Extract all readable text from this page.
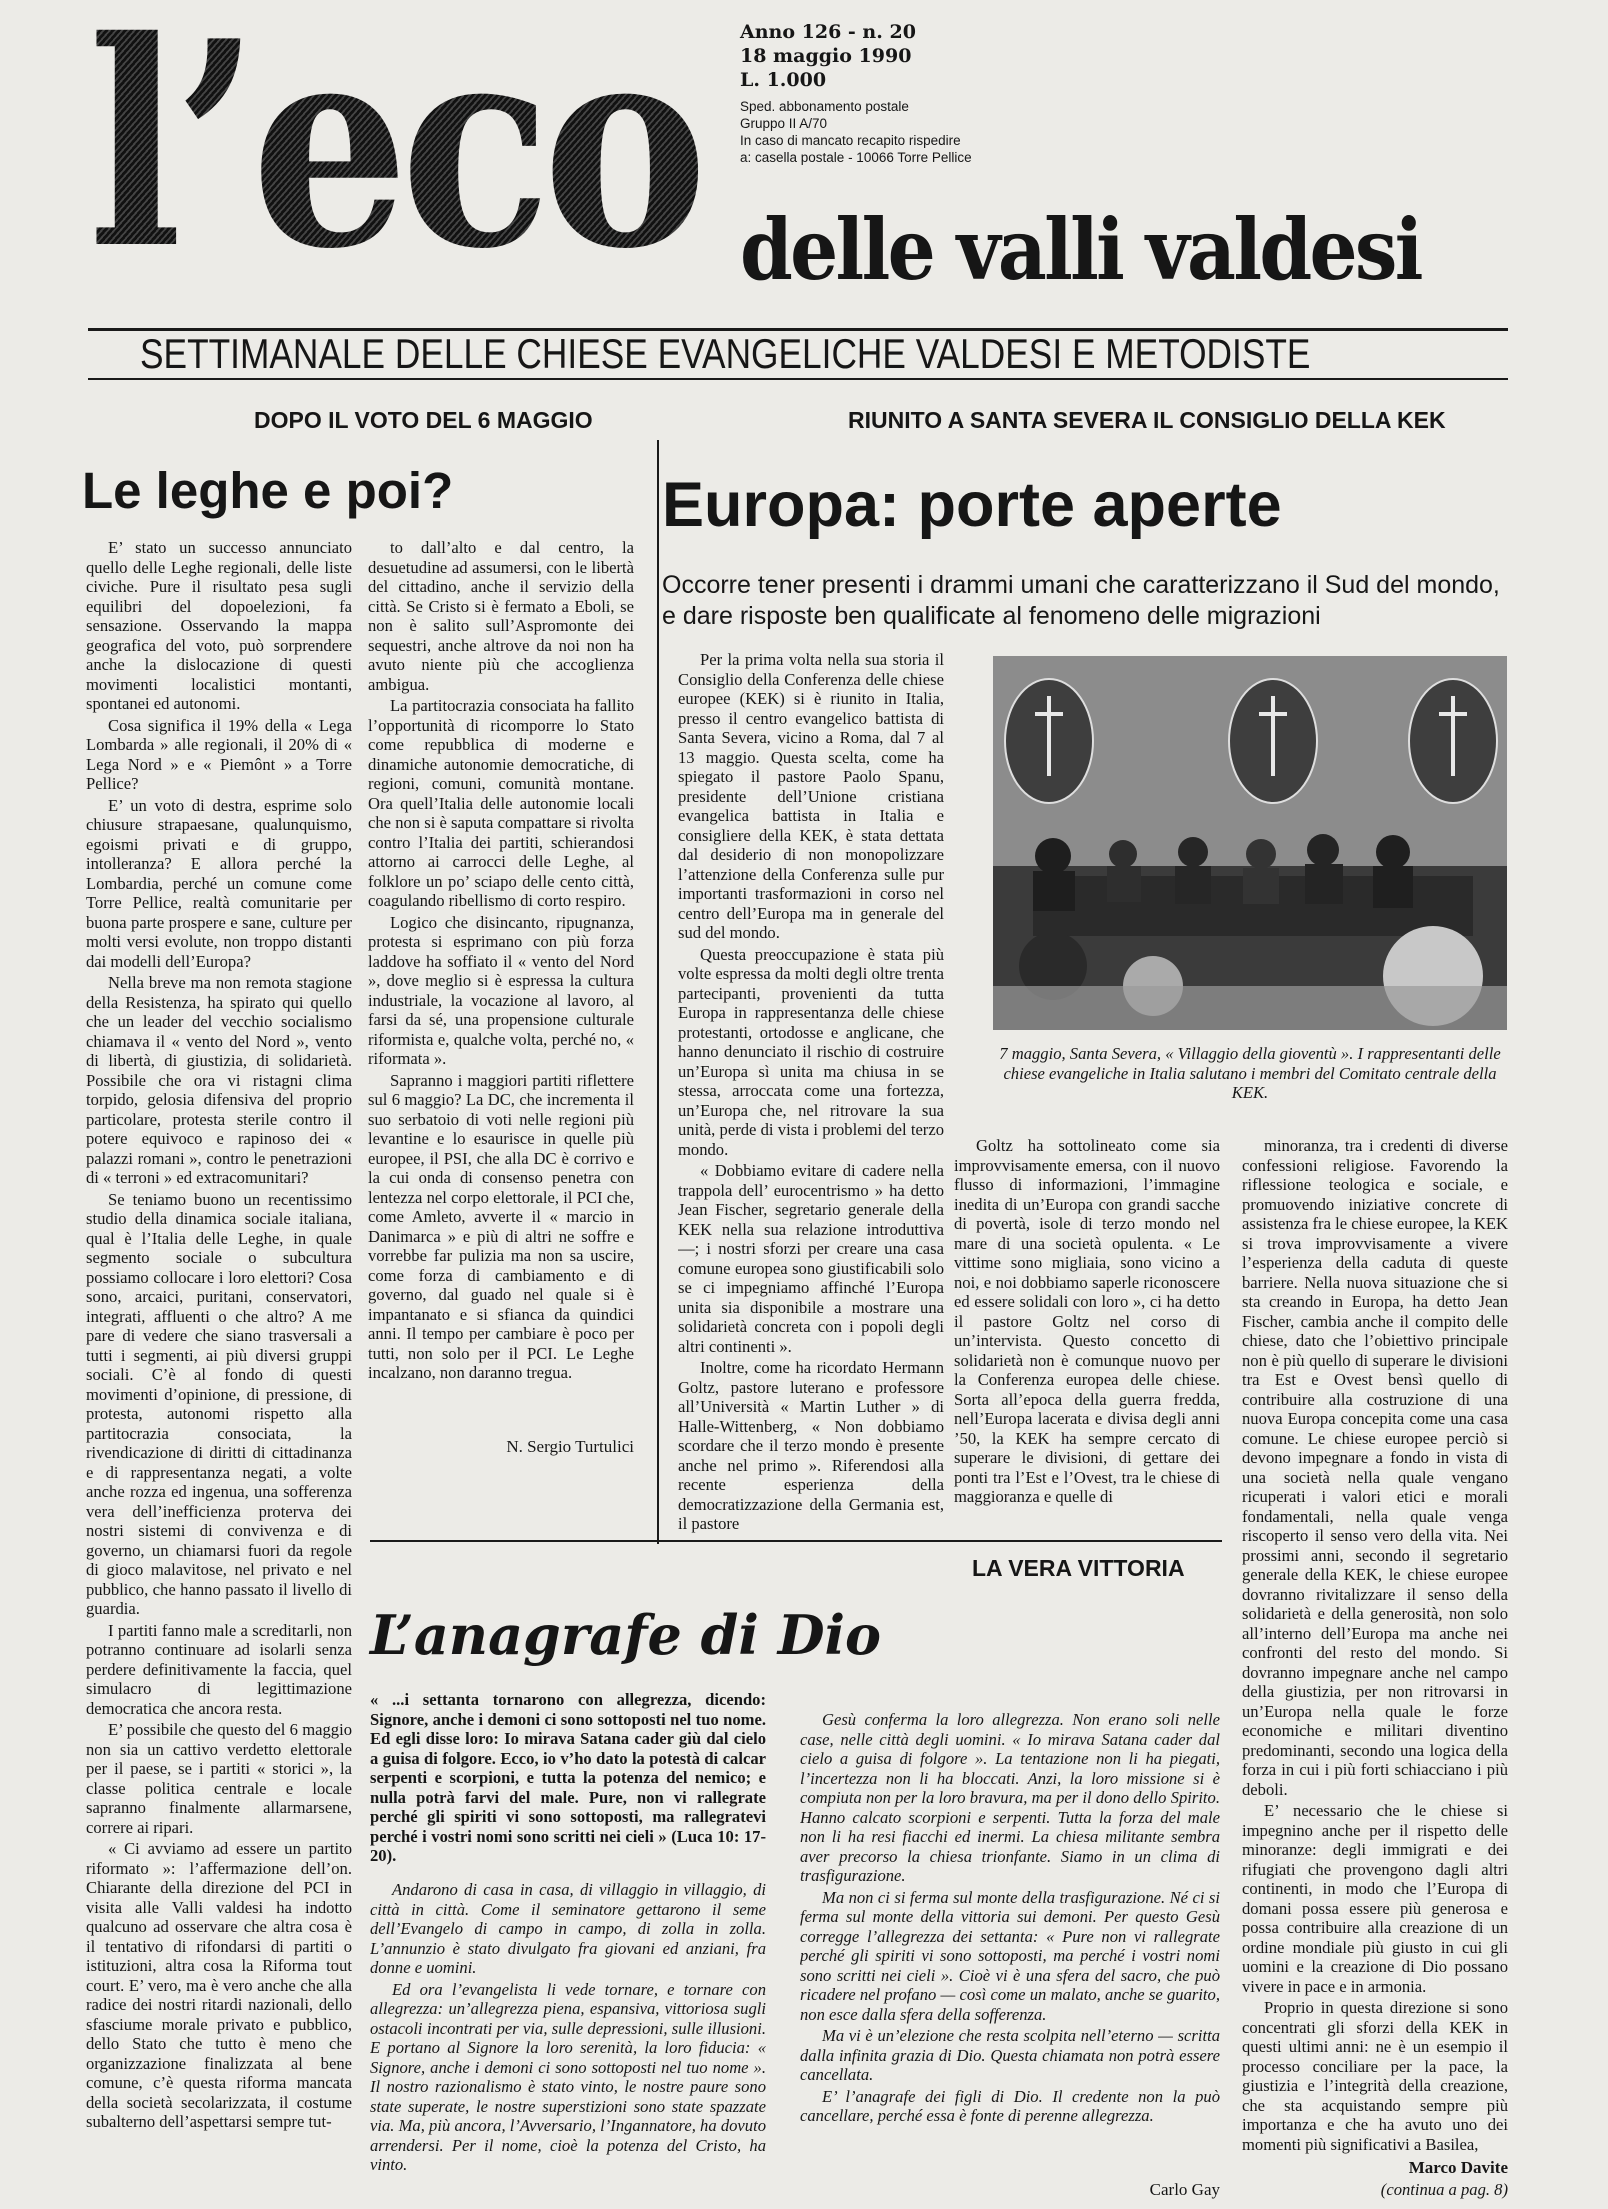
l’eco Anno 126 - n. 20
18 maggio 1990
L. 1.000
Sped. abbonamento postale
Gruppo II A/70
In caso di mancato recapito rispedire
a: casella postale - 10066 Torre Pellice
delle valli valdesi
SETTIMANALE DELLE CHIESE EVANGELICHE VALDESI E METODISTE
DOPO IL VOTO DEL 6 MAGGIO
Le leghe e poi?

E’ stato un successo annunciato quello delle Leghe regionali, delle liste civiche. Pure il risultato pesa sugli equilibri del dopoelezioni, fa sensazione. Osservando la mappa geografica del voto, può sorprendere anche la dislocazione di questi movimenti localistici montanti, spontanei ed autonomi.

Cosa significa il 19% della « Lega Lombarda » alle regionali, il 20% di « Lega Nord » e « Piemônt » a Torre Pellice?

E’ un voto di destra, esprime solo chiusure strapaesane, qualunquismo, egoismi privati e di gruppo, intolleranza? E allora perché la Lombardia, perché un comune come Torre Pellice, realtà comunitarie per buona parte prospere e sane, culture per molti versi evolute, non troppo distanti dai modelli dell’Europa?

Nella breve ma non remota stagione della Resistenza, ha spirato qui quello che un leader del vecchio socialismo chiamava il « vento del Nord », vento di libertà, di giustizia, di solidarietà. Possibile che ora vi ristagni clima torpido, gelosia difensiva del proprio particolare, protesta sterile contro il potere equivoco e rapinoso dei « palazzi romani », contro le penetrazioni di « terroni » ed extracomunitari?

Se teniamo buono un recentissimo studio della dinamica sociale italiana, qual è l’Italia delle Leghe, in quale segmento sociale o subcultura possiamo collocare i loro elettori? Cosa sono, arcaici, puritani, conservatori, integrati, affluenti o che altro? A me pare di vedere che siano trasversali a tutti i segmenti, ai più diversi gruppi sociali. C’è al fondo di questi movimenti d’opinione, di pressione, di protesta, autonomi rispetto alla partitocrazia consociata, la rivendicazione di diritti di cittadinanza e di rappresentanza negati, a volte anche rozza ed ingenua, una sofferenza vera dell’inefficienza proterva dei nostri sistemi di convivenza e di governo, un chiamarsi fuori da regole di gioco malavitose, nel privato e nel pubblico, che hanno passato il livello di guardia.

I partiti fanno male a screditarli, non potranno continuare ad isolarli senza perdere definitivamente la faccia, quel simulacro di legittimazione democratica che ancora resta.

E’ possibile che questo del 6 maggio non sia un cattivo verdetto elettorale per il paese, se i partiti « storici », la classe politica centrale e locale sapranno finalmente allarmarsene, correre ai ripari.

« Ci avviamo ad essere un partito riformato »: l’affermazione dell’on. Chiarante della direzione del PCI in visita alle Valli valdesi ha indotto qualcuno ad osservare che altra cosa è il tentativo di rifondarsi di partiti o istituzioni, altra cosa la Riforma tout court. E’ vero, ma è vero anche che alla radice dei nostri ritardi nazionali, dello sfasciume morale privato e pubblico, dello Stato che tutto è meno che organizzazione finalizzata al bene comune, c’è questa riforma mancata della società secolarizzata, il costume subalterno dell’aspettarsi sempre tut-

to dall’alto e dal centro, la desuetudine ad assumersi, con le libertà del cittadino, anche il servizio della città. Se Cristo si è fermato a Eboli, se non è salito sull’Aspromonte dei sequestri, anche altrove da noi non ha avuto niente più che accoglienza ambigua.

La partitocrazia consociata ha fallito l’opportunità di ricomporre lo Stato come repubblica di moderne e dinamiche autonomie democratiche, di regioni, comuni, comunità montane. Ora quell’Italia delle autonomie locali che non si è saputa compattare si rivolta contro l’Italia dei partiti, schierandosi attorno ai carrocci delle Leghe, al folklore un po’ sciapo delle cento città, coagulando ribellismo di corto respiro.

Logico che disincanto, ripugnanza, protesta si esprimano con più forza laddove ha soffiato il « vento del Nord », dove meglio si è espressa la cultura industriale, la vocazione al lavoro, al farsi da sé, una propensione culturale riformista e, qualche volta, perché no, « riformata ».

Sapranno i maggiori partiti riflettere sul 6 maggio? La DC, che incrementa il suo serbatoio di voti nelle regioni più levantine e lo esaurisce in quelle più europee, il PSI, che alla DC è corrivo e la cui onda di consenso penetra con lentezza nel corpo elettorale, il PCI che, come Amleto, avverte il « marcio in Danimarca » e più di altri ne soffre e vorrebbe far pulizia ma non sa uscire, come forza di cambiamento e di governo, dal guado nel quale si è impantanato e si sfianca da quindici anni. Il tempo per cambiare è poco per tutti, non solo per il PCI. Le Leghe incalzano, non daranno tregua.

N. Sergio Turtulici
RIUNITO A SANTA SEVERA IL CONSIGLIO DELLA KEK
Europa: porte aperte
Occorre tener presenti i drammi umani che caratterizzano il Sud del mondo, e dare risposte ben qualificate al fenomeno delle migrazioni

Per la prima volta nella sua storia il Consiglio della Conferenza delle chiese europee (KEK) si è riunito in Italia, presso il centro evangelico battista di Santa Severa, vicino a Roma, dal 7 al 13 maggio. Questa scelta, come ha spiegato il pastore Paolo Spanu, presidente dell’Unione cristiana evangelica battista in Italia e consigliere della KEK, è stata dettata dal desiderio di non monopolizzare l’attenzione della Conferenza sulle pur importanti trasformazioni in corso nel centro dell’Europa ma in generale del sud del mondo.

Questa preoccupazione è stata più volte espressa da molti degli oltre trenta partecipanti, provenienti da tutta Europa in rappresentanza delle chiese protestanti, ortodosse e anglicane, che hanno denunciato il rischio di costruire un’Europa sì unita ma chiusa in se stessa, arroccata come una fortezza, un’Europa che, nel ritrovare la sua unità, perde di vista i problemi del terzo mondo.

« Dobbiamo evitare di cadere nella trappola dell’ eurocentrismo » ha detto Jean Fischer, segretario generale della KEK nella sua relazione introduttiva —; i nostri sforzi per creare una casa comune europea sono giustificabili solo se ci impegniamo affinché l’Europa unita sia disponibile a mostrare una solidarietà concreta con i popoli degli altri continenti ».

Inoltre, come ha ricordato Hermann Goltz, pastore luterano e professore all’Università « Martin Luther » di Halle-Wittenberg, « Non dobbiamo scordare che il terzo mondo è presente anche nel primo ». Riferendosi alla recente esperienza della democratizzazione della Germania est, il pastore

7 maggio, Santa Severa, « Villaggio della gioventù ». I rappresentanti delle chiese evangeliche in Italia salutano i membri del Comitato centrale della KEK.

Goltz ha sottolineato come sia improvvisamente emersa, con il nuovo flusso di informazioni, l’immagine inedita di un’Europa con grandi sacche di povertà, isole di terzo mondo nel mare di una società opulenta. « Le vittime sono migliaia, sono vicino a noi, e noi dobbiamo saperle riconoscere ed essere solidali con loro », ci ha detto il pastore Goltz nel corso di un’intervista. Questo concetto di solidarietà non è comunque nuovo per la Conferenza europea delle chiese. Sorta all’epoca della guerra fredda, nell’Europa lacerata e divisa degli anni ’50, la KEK ha sempre cercato di superare le divisioni, di gettare dei ponti tra l’Est e l’Ovest, tra le chiese di maggioranza e quelle di

minoranza, tra i credenti di diverse confessioni religiose. Favorendo la riflessione teologica e sociale, e promuovendo iniziative concrete di assistenza fra le chiese europee, la KEK si trova improvvisamente a vivere l’esperienza della caduta di queste barriere. Nella nuova situazione che si sta creando in Europa, ha detto Jean Fischer, cambia anche il compito delle chiese, dato che l’obiettivo principale non è più quello di superare le divisioni tra Est e Ovest bensì quello di contribuire alla costruzione di una nuova Europa concepita come una casa comune. Le chiese europee perciò si devono impegnare a fondo in vista di una società nella quale vengano ricuperati i valori etici e morali fondamentali, nella quale venga riscoperto il senso vero della vita. Nei prossimi anni, secondo il segretario generale della KEK, le chiese europee dovranno rivitalizzare il senso della solidarietà e della generosità, non solo all’interno dell’Europa ma anche nei confronti del resto del mondo. Si dovranno impegnare anche nel campo della giustizia, per non ritrovarsi in un’Europa nella quale le forze economiche e militari diventino predominanti, secondo una logica della forza in cui i più forti schiacciano i più deboli.

E’ necessario che le chiese si impegnino anche per il rispetto delle minoranze: degli immigrati e dei rifugiati che provengono dagli altri continenti, in modo che l’Europa di domani possa essere più generosa e possa contribuire alla creazione di un ordine mondiale più giusto in cui gli uomini e la creazione di Dio possano vivere in pace e in armonia.

Proprio in questa direzione si sono concentrati gli sforzi della KEK in questi ultimi anni: ne è un esempio il processo conciliare per la pace, la giustizia e l’integrità della creazione, che sta acquistando sempre più importanza e che ha avuto uno dei momenti più significativi a Basilea,

Marco Davite
(continua a pag. 8)
LA VERA VITTORIA
L’anagrafe di Dio
« ...i settanta tornarono con allegrezza, dicendo: Signore, anche i demoni ci sono sottoposti nel tuo nome. Ed egli disse loro: Io mirava Satana cader giù dal cielo a guisa di folgore. Ecco, io v’ho dato la potestà di calcar serpenti e scorpioni, e tutta la potenza del nemico; e nulla potrà farvi del male. Pure, non vi rallegrate perché gli spiriti vi sono sottoposti, ma rallegratevi perché i vostri nomi sono scritti nei cieli » (Luca 10: 17-20).

Andarono di casa in casa, di villaggio in villaggio, di città in città. Come il seminatore gettarono il seme dell’Evangelo di campo in campo, di zolla in zolla. L’annunzio è stato divulgato fra giovani ed anziani, fra donne e uomini.

Ed ora l’evangelista li vede tornare, e tornare con allegrezza: un’allegrezza piena, espansiva, vittoriosa sugli ostacoli incontrati per via, sulle depressioni, sulle illusioni. E portano al Signore la loro serenità, la loro fiducia: « Signore, anche i demoni ci sono sottoposti nel tuo nome ». Il nostro razionalismo è stato vinto, le nostre paure sono state superate, le nostre superstizioni sono state spazzate via. Ma, più ancora, l’Avversario, l’Ingannatore, ha dovuto arrendersi. Per il nome, cioè la potenza del Cristo, ha vinto.

Gesù conferma la loro allegrezza. Non erano soli nelle case, nelle città degli uomini. « Io mirava Satana cader dal cielo a guisa di folgore ». La tentazione non li ha piegati, l’incertezza non li ha bloccati. Anzi, la loro missione si è compiuta non per la loro bravura, ma per il dono dello Spirito. Hanno calcato scorpioni e serpenti. Tutta la forza del male non li ha resi fiacchi ed inermi. La chiesa militante sembra aver precorso la chiesa trionfante. Siamo in un clima di trasfigurazione.

Ma non ci si ferma sul monte della trasfigurazione. Né ci si ferma sul monte della vittoria sui demoni. Per questo Gesù corregge l’allegrezza dei settanta: « Pure non vi rallegrate perché gli spiriti vi sono sottoposti, ma perché i vostri nomi sono scritti nei cieli ». Cioè vi è una sfera del sacro, che può ricadere nel profano — così come un malato, anche se guarito, non esce dalla sfera della sofferenza.

Ma vi è un’elezione che resta scolpita nell’eterno — scritta dalla infinita grazia di Dio. Questa chiamata non potrà essere cancellata.

E’ l’anagrafe dei figli di Dio. Il credente non la può cancellare, perché essa è fonte di perenne allegrezza.

Carlo Gay
